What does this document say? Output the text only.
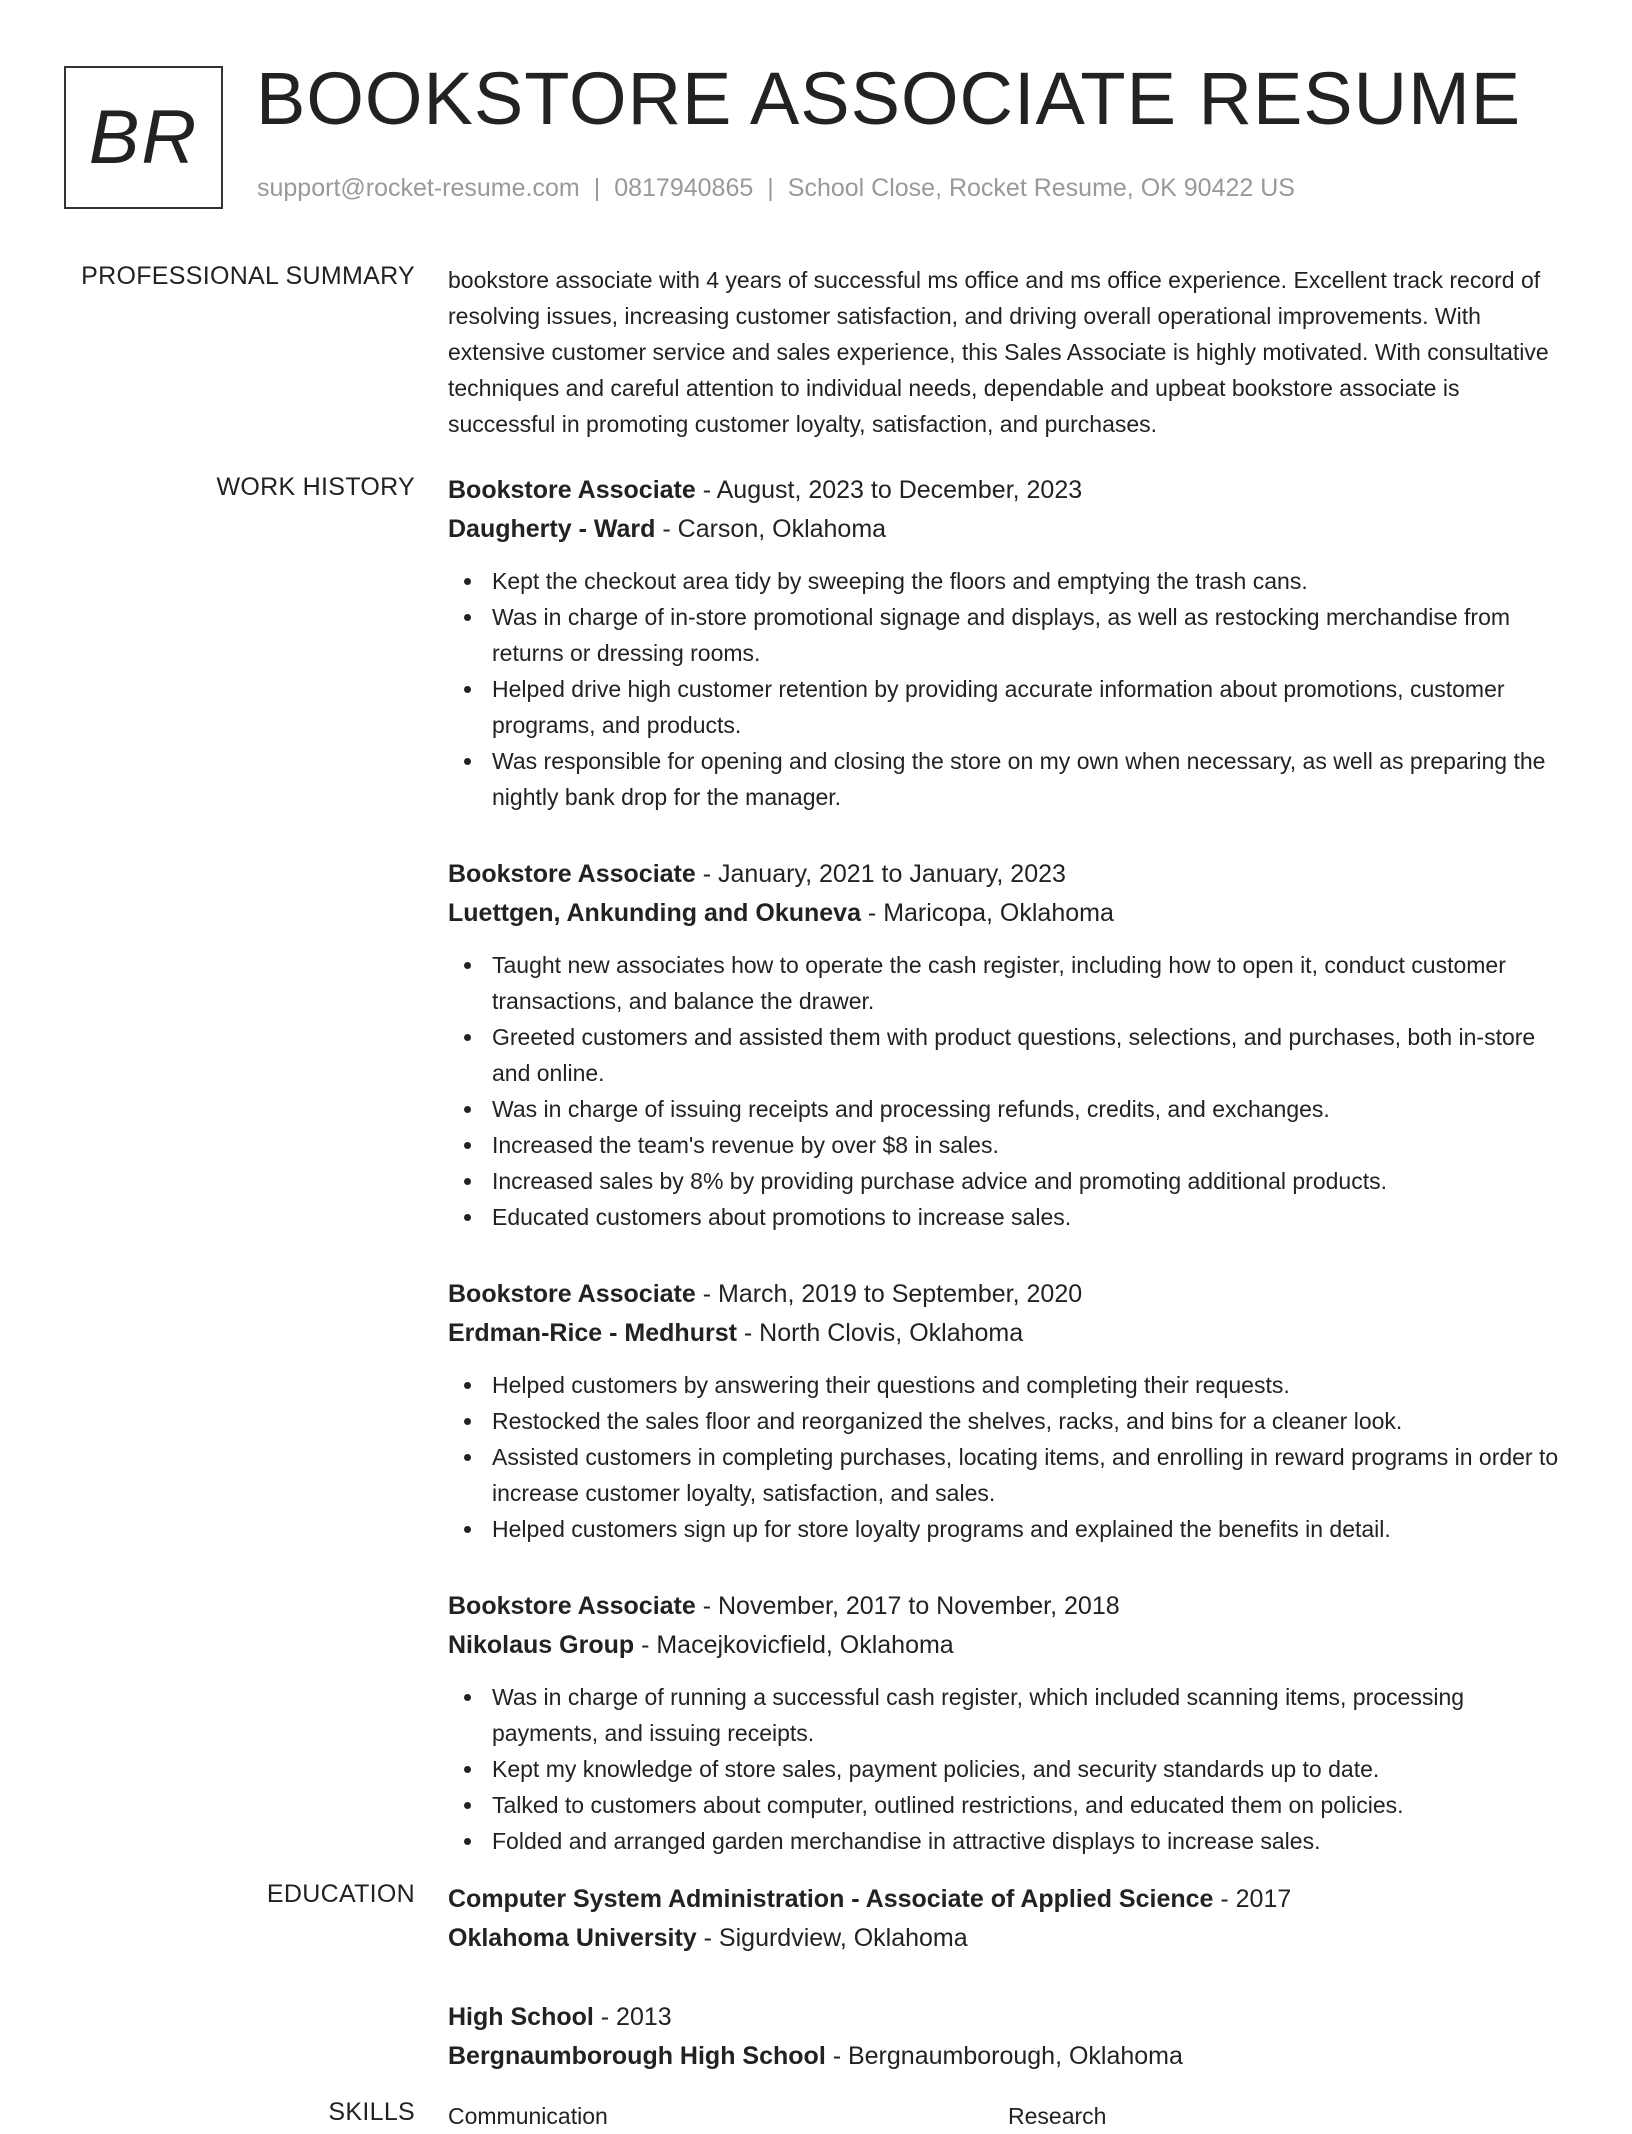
BR BOOKSTORE ASSOCIATE RESUME
support@rocket-resume.com | 0817940865 | School Close, Rocket Resume, OK 90422 US
PROFESSIONAL SUMMARY bookstore associate with 4 years of successful ms office and ms office experience. Excellent track record of resolving issues, increasing customer satisfaction, and driving overall operational improvements. With extensive customer service and sales experience, this Sales Associate is highly motivated. With consultative techniques and careful attention to individual needs, dependable and upbeat bookstore associate is successful in promoting customer loyalty, satisfaction, and purchases.
WORK HISTORY Bookstore Associate - August, 2023 to December, 2023
Daugherty - Ward - Carson, Oklahoma
Kept the checkout area tidy by sweeping the floors and emptying the trash cans.
Was in charge of in-store promotional signage and displays, as well as restocking merchandise from returns or dressing rooms.
Helped drive high customer retention by providing accurate information about promotions, customer programs, and products.
Was responsible for opening and closing the store on my own when necessary, as well as preparing the nightly bank drop for the manager.
Bookstore Associate - January, 2021 to January, 2023
Luettgen, Ankunding and Okuneva - Maricopa, Oklahoma
Taught new associates how to operate the cash register, including how to open it, conduct customer transactions, and balance the drawer.
Greeted customers and assisted them with product questions, selections, and purchases, both in-store and online.
Was in charge of issuing receipts and processing refunds, credits, and exchanges.
Increased the team's revenue by over $8 in sales.
Increased sales by 8% by providing purchase advice and promoting additional products.
Educated customers about promotions to increase sales.
Bookstore Associate - March, 2019 to September, 2020
Erdman-Rice - Medhurst - North Clovis, Oklahoma
Helped customers by answering their questions and completing their requests.
Restocked the sales floor and reorganized the shelves, racks, and bins for a cleaner look.
Assisted customers in completing purchases, locating items, and enrolling in reward programs in order to increase customer loyalty, satisfaction, and sales.
Helped customers sign up for store loyalty programs and explained the benefits in detail.
Bookstore Associate - November, 2017 to November, 2018
Nikolaus Group - Macejkovicfield, Oklahoma
Was in charge of running a successful cash register, which included scanning items, processing payments, and issuing receipts.
Kept my knowledge of store sales, payment policies, and security standards up to date.
Talked to customers about computer, outlined restrictions, and educated them on policies.
Folded and arranged garden merchandise in attractive displays to increase sales.
EDUCATION Computer System Administration - Associate of Applied Science - 2017
Oklahoma University - Sigurdview, Oklahoma
High School - 2013
Bergnaumborough High School - Bergnaumborough, Oklahoma
SKILLS Communication	Research
